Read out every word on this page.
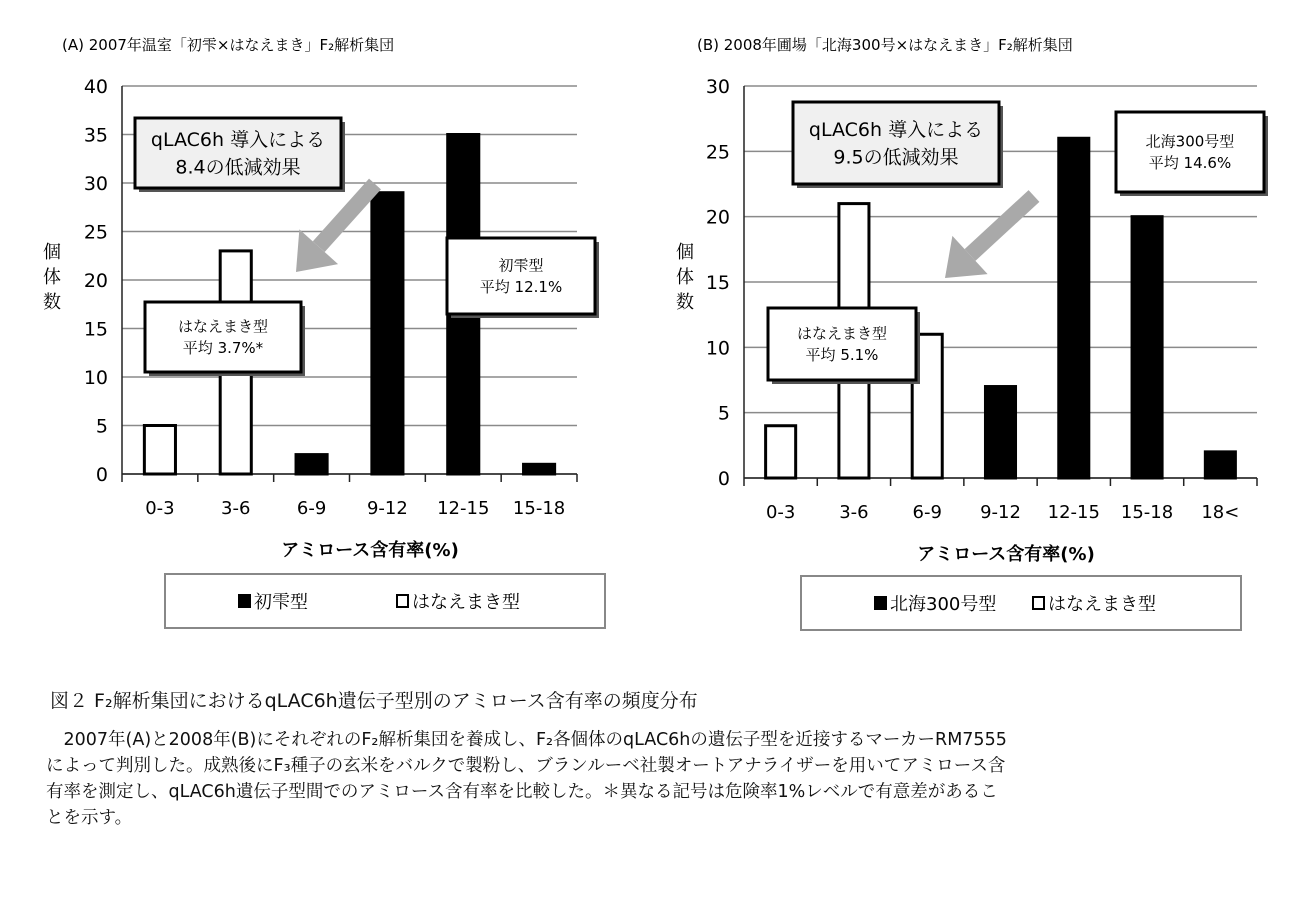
(A) 2007年温室「初雫×はなえまき」F₂解析集団
0
5
10
15
20
25
30
35
40
0-3	3-6	6-9 9-12 12-15 15-18
個
体
数
アミロース含有率(%)
qLAC6h 導入による
8.4の低減効果
初雫型
平均 12.1%
はなえまき型
平均 3.7%*
初雫型	はなえまき型
(B) 2008年圃場「北海300号×はなえまき」F₂解析集団
0
5
10
15
20
25
30
0-3 3-6 6-9 9-12 12-15 15-18 18<
個
体
数
アミロース含有率(%)
qLAC6h 導入による
9.5の低減効果
北海300号型
平均 14.6%
はなえまき型
平均 5.1%
北海300号型	はなえまき型

図２ F₂解析集団におけるqLAC6h遺伝子型別のアミロース含有率の頻度分布

　2007年(A)と2008年(B)にそれぞれのF₂解析集団を養成し、F₂各個体のqLAC6hの遺伝子型を近接するマーカーRM7555
によって判別した。成熟後にF₃種子の玄米をバルクで製粉し、ブランルーベ社製オートアナライザーを用いてアミロース含
有率を測定し、qLAC6h遺伝子型間でのアミロース含有率を比較した。＊異なる記号は危険率1%レベルで有意差があるこ
とを示す。
